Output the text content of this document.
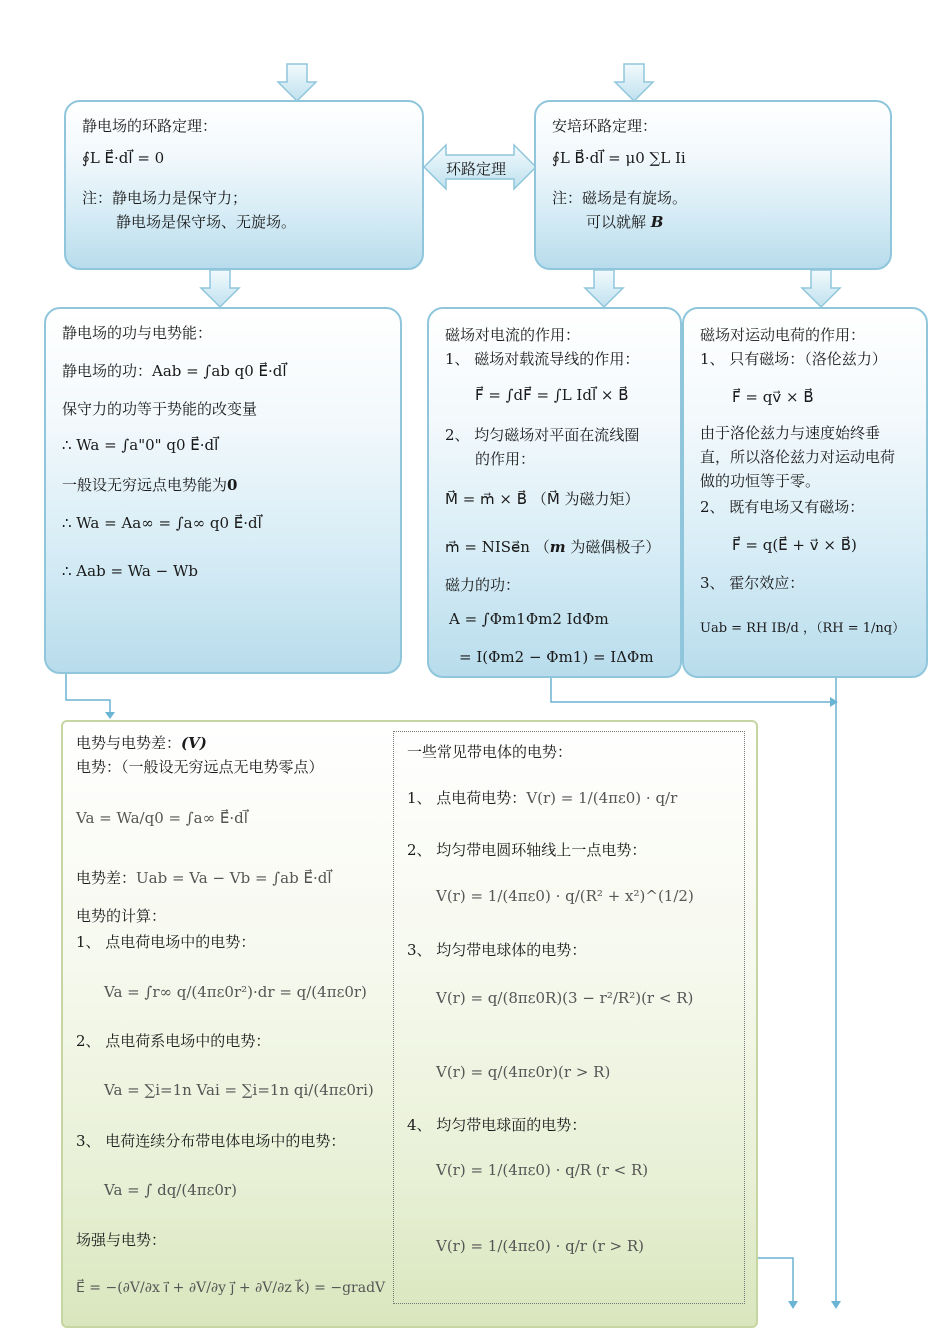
环路定理
静电场的环路定理：
∮L E⃗·dl⃗ = 0
注：静电场力是保守力；
静电场是保守场、无旋场。
安培环路定理：
∮L B⃗·dl⃗ = μ0 ∑L Ii
注：磁场是有旋场。
可以就解 B
静电场的功与电势能：
静电场的功：Aab = ∫ab q0 E⃗·dl⃗
保守力的功等于势能的改变量
∴ Wa = ∫a"0" q0 E⃗·dl⃗
一般设无穷远点电势能为0
∴ Wa = Aa∞ = ∫a∞ q0 E⃗·dl⃗
∴ Aab = Wa − Wb
磁场对电流的作用：
1、 磁场对载流导线的作用：
F⃗ = ∫dF⃗ = ∫L Idl⃗ × B⃗
2、 均匀磁场对平面在流线圈
的作用：
M⃗ = m⃗ × B⃗ （M⃗ 为磁力矩）
m⃗ = NISe⃗n （m 为磁偶极子）
磁力的功：
A = ∫Φm1Φm2 IdΦm
= I(Φm2 − Φm1) = IΔΦm
磁场对运动电荷的作用：
1、 只有磁场：（洛伦兹力）
F⃗ = qv⃗ × B⃗
由于洛伦兹力与速度始终垂
直，所以洛伦兹力对运动电荷
做的功恒等于零。
2、 既有电场又有磁场：
F⃗ = q(E⃗ + v⃗ × B⃗)
3、 霍尔效应：
Uab = RH IB/d ，（RH = 1/nq）
电势与电势差：(V)
电势：（一般设无穷远点无电势零点）
Va = Wa/q0 = ∫a∞ E⃗·dl⃗
电势差：Uab = Va − Vb = ∫ab E⃗·dl⃗
电势的计算：
1、 点电荷电场中的电势：
Va = ∫r∞ q/(4πε0r²)·dr = q/(4πε0r)
2、 点电荷系电场中的电势：
Va = ∑i=1n Vai = ∑i=1n qi/(4πε0ri)
3、 电荷连续分布带电体电场中的电势：
Va = ∫ dq/(4πε0r)
场强与电势：
E⃗ = −(∂V/∂x i⃗ + ∂V/∂y j⃗ + ∂V/∂z k⃗) = −gradV
一些常见带电体的电势：
1、 点电荷电势：V(r) = 1/(4πε0) · q/r
2、 均匀带电圆环轴线上一点电势：
V(r) = 1/(4πε0) · q/(R² + x²)^(1/2)
3、 均匀带电球体的电势：
V(r) = q/(8πε0R)(3 − r²/R²)(r < R)
V(r) = q/(4πε0r)(r > R)
4、 均匀带电球面的电势：
V(r) = 1/(4πε0) · q/R (r < R)
V(r) = 1/(4πε0) · q/r (r > R)
